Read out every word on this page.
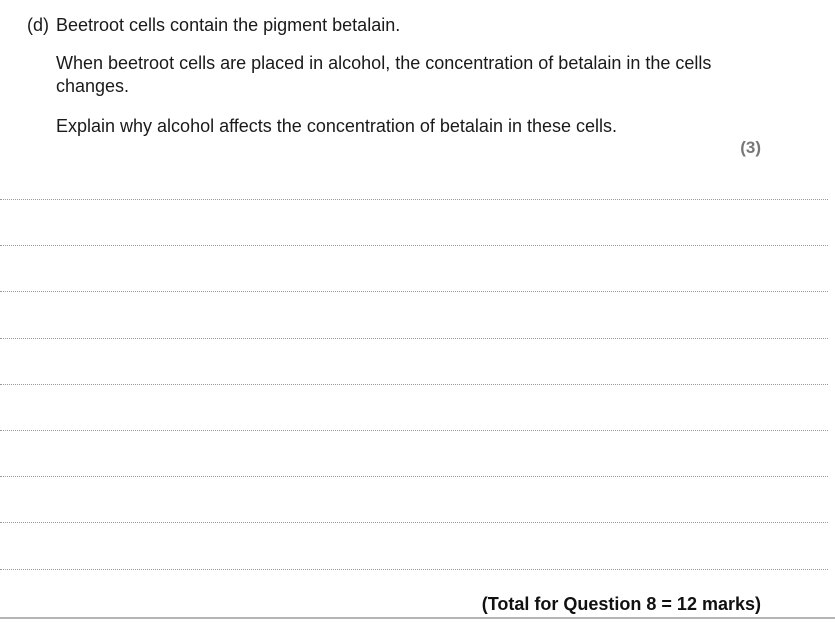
(d) Beetroot cells contain the pigment betalain.
When beetroot cells are placed in alcohol, the concentration of betalain in the cells changes.
Explain why alcohol affects the concentration of betalain in these cells.
(3)
(Total for Question 8 = 12 marks)
